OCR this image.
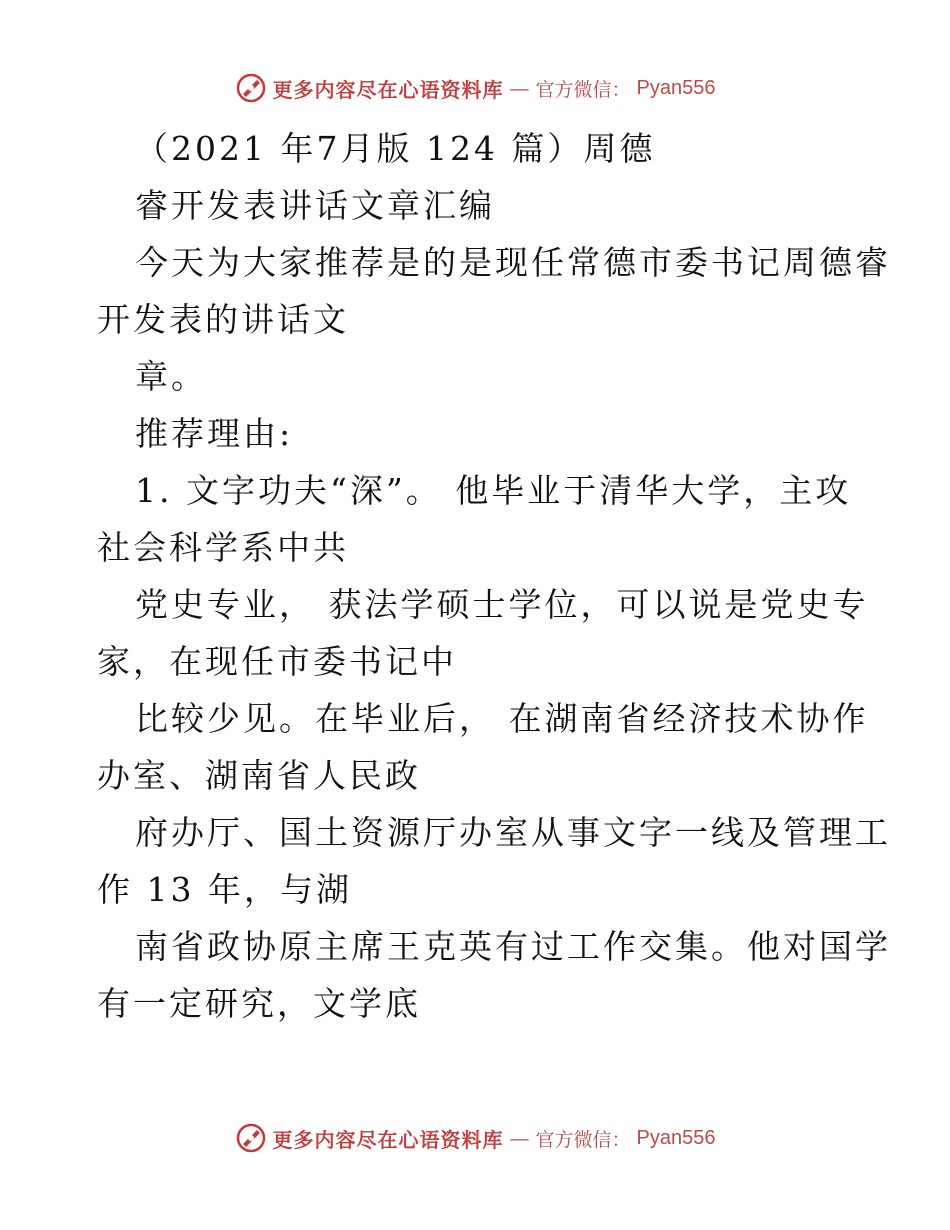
更多内容尽在心语资料库 — 官方微信： Pyan556
（2021 年7月版 124 篇）周德
睿开发表讲话文章汇编
今天为大家推荐是的是现任常德市委书记周德睿
开发表的讲话文
章。
推荐理由:
1. 文字功夫“深”。 他毕业于清华大学，主攻
社会科学系中共
党史专业， 获法学硕士学位，可以说是党史专
家，在现任市委书记中
比较少见。在毕业后， 在湖南省经济技术协作
办室、湖南省人民政
府办厅、国土资源厅办室从事文字一线及管理工
作 13 年，与湖
南省政协原主席王克英有过工作交集。他对国学
有一定研究，文学底
更多内容尽在心语资料库 — 官方微信： Pyan556
